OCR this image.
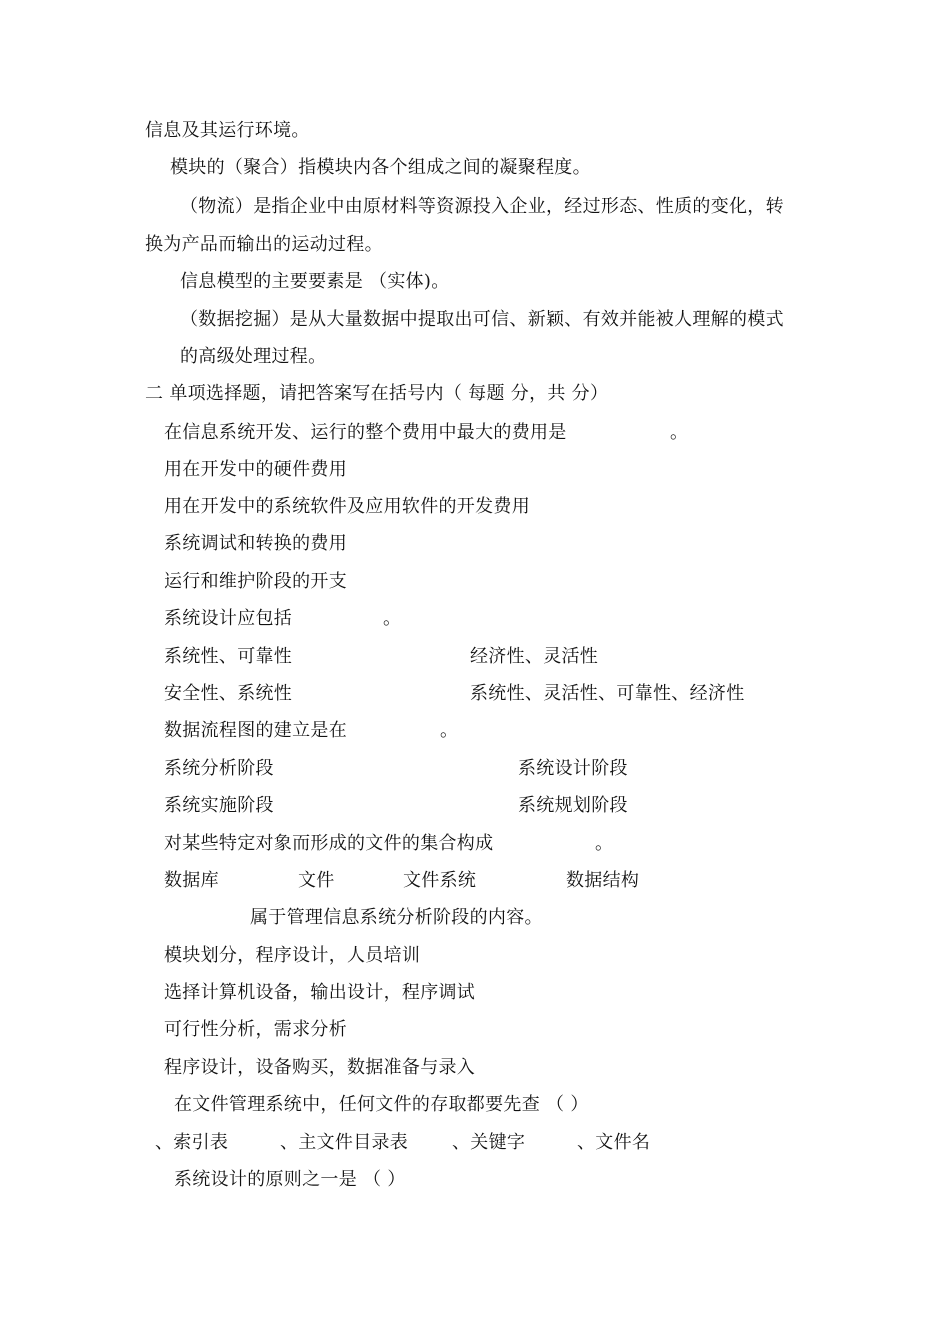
信息及其运行环境。
模块的（聚合）指模块内各个组成之间的凝聚程度。
（物流）是指企业中由原材料等资源投入企业，经过形态、性质的变化，转
换为产品而输出的运动过程。
信息模型的主要要素是 （实体)。
（数据挖掘）是从大量数据中提取出可信、新颖、有效并能被人理解的模式
的高级处理过程。
二 单项选择题，请把答案写在括号内（ 每题 分，共 分）
在信息系统开发、运行的整个费用中最大的费用是	。
用在开发中的硬件费用
用在开发中的系统软件及应用软件的开发费用
系统调试和转换的费用
运行和维护阶段的开支
系统设计应包括	。
系统性、可靠性	经济性、灵活性
安全性、系统性	系统性、灵活性、可靠性、经济性
数据流程图的建立是在	。
系统分析阶段	系统设计阶段
系统实施阶段	系统规划阶段
对某些特定对象而形成的文件的集合构成	。
数据库	文件	文件系统	数据结构
属于管理信息系统分析阶段的内容。
模块划分，程序设计，人员培训
选择计算机设备，输出设计，程序调试
可行性分析，需求分析
程序设计，设备购买，数据准备与录入
在文件管理系统中，任何文件的存取都要先查 （ ）
、索引表	、主文件目录表 、关键字	、文件名
系统设计的原则之一是 （ ）
